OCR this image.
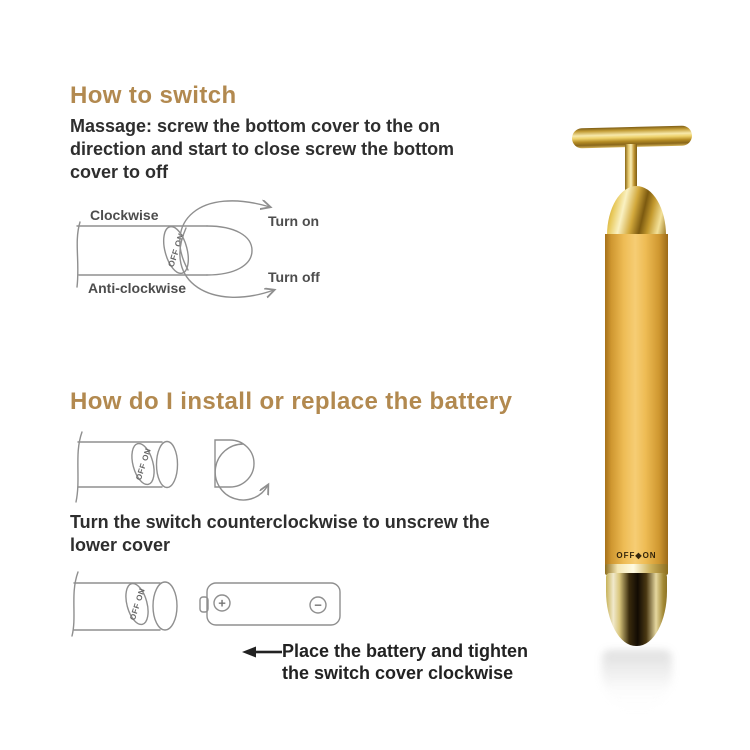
How to switch
Massage: screw the bottom cover to the on
direction and start to close screw the bottom
cover to off
OFF ON
Clockwise
Anti-clockwise
Turn on
Turn off
How do I install or replace the battery
OFF ON
Turn the switch counterclockwise to unscrew the
lower cover
OFF ON	+	−
Place the battery and tighten
the switch cover clockwise
OFF◆ON
